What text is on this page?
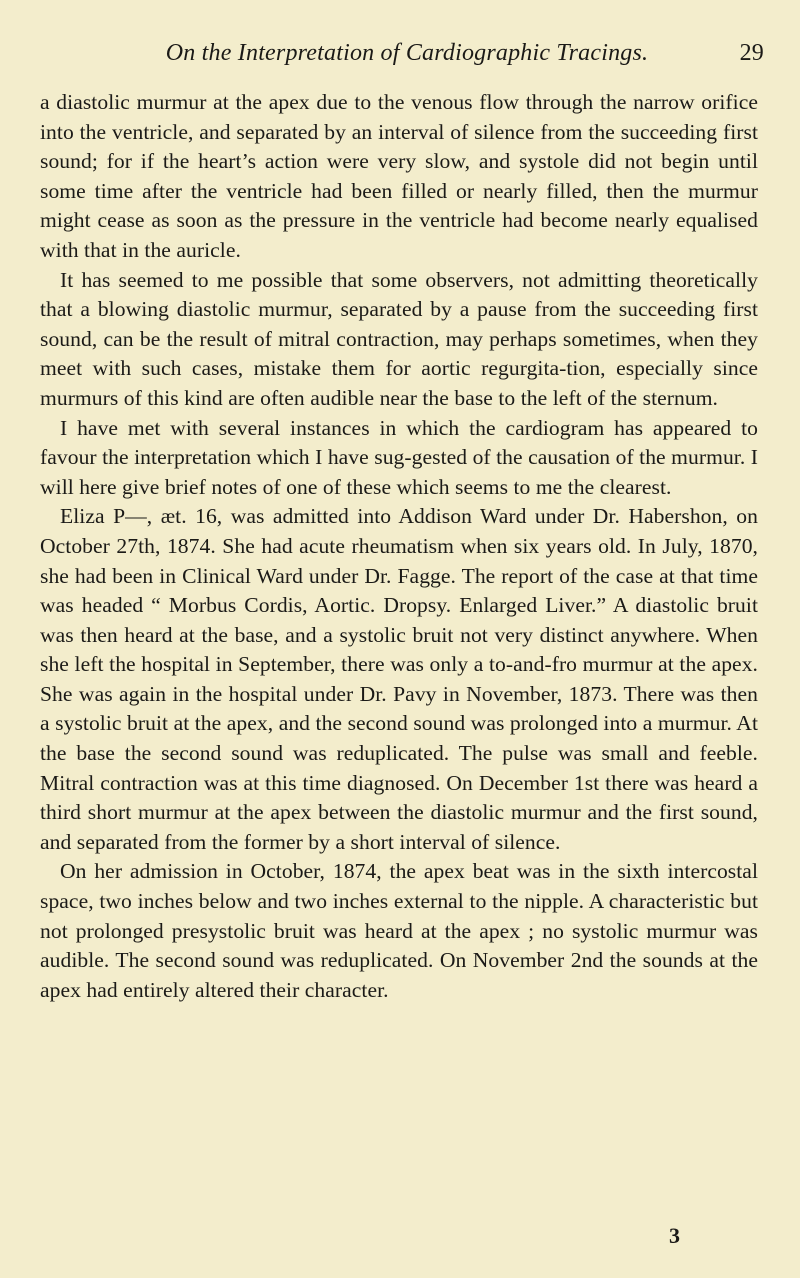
On the Interpretation of Cardiographic Tracings.	29

a diastolic murmur at the apex due to the venous flow through the narrow orifice into the ventricle, and separated by an interval of silence from the succeeding first sound; for if the heart’s action were very slow, and systole did not begin until some time after the ventricle had been filled or nearly filled, then the murmur might cease as soon as the pressure in the ventricle had become nearly equalised with that in the auricle.

It has seemed to me possible that some observers, not admitting theoretically that a blowing diastolic murmur, separated by a pause from the succeeding first sound, can be the result of mitral contraction, may perhaps sometimes, when they meet with such cases, mistake them for aortic regurgita-tion, especially since murmurs of this kind are often audible near the base to the left of the sternum.

I have met with several instances in which the cardiogram has appeared to favour the interpretation which I have sug-gested of the causation of the murmur. I will here give brief notes of one of these which seems to me the clearest.

Eliza P—, æt. 16, was admitted into Addison Ward under Dr. Habershon, on October 27th, 1874. She had acute rheumatism when six years old. In July, 1870, she had been in Clinical Ward under Dr. Fagge. The report of the case at that time was headed “ Morbus Cordis, Aortic. Dropsy. Enlarged Liver.” A diastolic bruit was then heard at the base, and a systolic bruit not very distinct anywhere. When she left the hospital in September, there was only a to-and-fro murmur at the apex. She was again in the hospital under Dr. Pavy in November, 1873. There was then a systolic bruit at the apex, and the second sound was prolonged into a murmur. At the base the second sound was reduplicated. The pulse was small and feeble. Mitral contraction was at this time diagnosed. On December 1st there was heard a third short murmur at the apex between the diastolic murmur and the first sound, and separated from the former by a short interval of silence.

On her admission in October, 1874, the apex beat was in the sixth intercostal space, two inches below and two inches external to the nipple. A characteristic but not prolonged presystolic bruit was heard at the apex ; no systolic murmur was audible. The second sound was reduplicated. On November 2nd the sounds at the apex had entirely altered their character.

3
